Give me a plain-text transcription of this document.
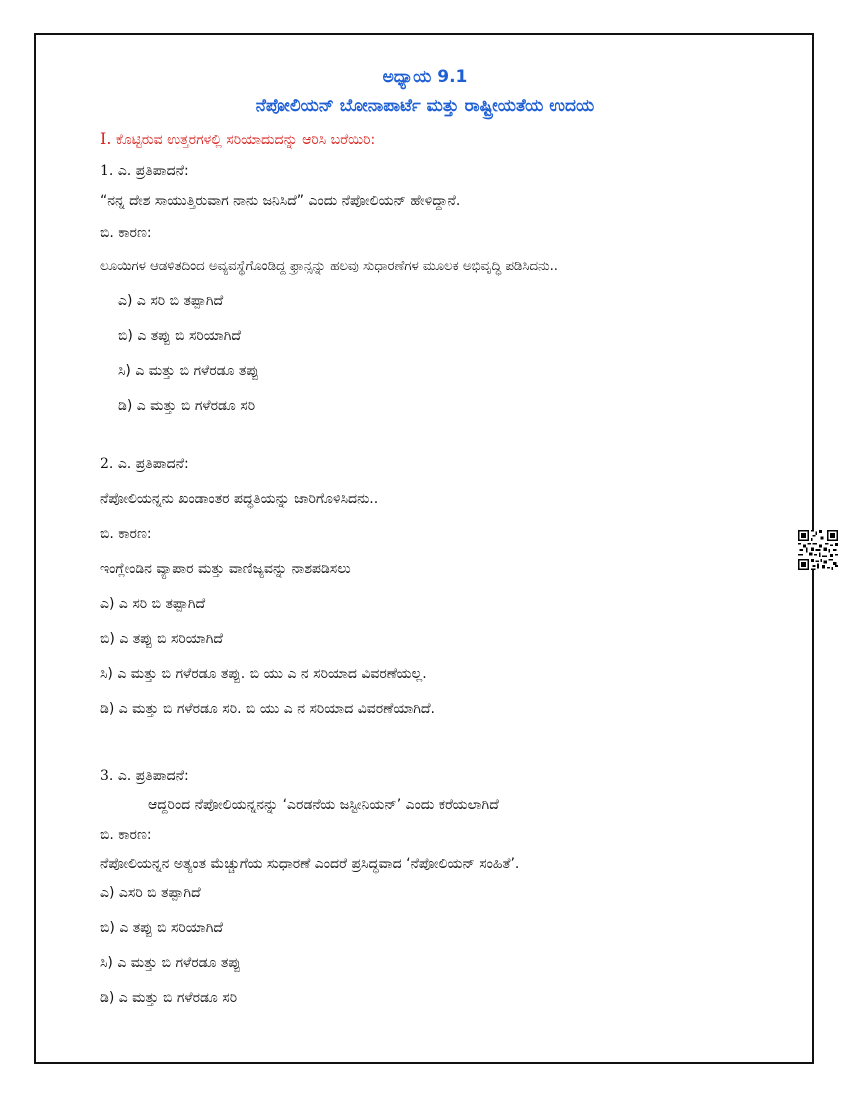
ಅಧ್ಯಾಯ 9.1
ನೆಪೋಲಿಯನ್ ಬೋನಾಪಾರ್ಟೆ ಮತ್ತು ರಾಷ್ಟ್ರೀಯತೆಯ ಉದಯ
I. ಕೊಟ್ಟಿರುವ ಉತ್ತರಗಳಲ್ಲಿ ಸರಿಯಾದುದನ್ನು ಆರಿಸಿ ಬರೆಯಿರಿ:
1. ಎ. ಪ್ರತಿಪಾದನೆ:
“ನನ್ನ ದೇಶ ಸಾಯುತ್ತಿರುವಾಗ ನಾನು ಜನಿಸಿದೆ” ಎಂದು ನೆಪೋಲಿಯನ್ ಹೇಳಿದ್ದಾನೆ.
ಬಿ. ಕಾರಣ:
ಲೂಯಿಗಳ ಆಡಳಿತದಿಂದ ಅವ್ಯವಸ್ಥೆಗೊಂಡಿದ್ದ ಫ್ರಾನ್ಸನ್ನು ಹಲವು ಸುಧಾರಣೆಗಳ ಮೂಲಕ ಅಭಿವೃದ್ಧಿ ಪಡಿಸಿದನು..
ಎ) ಎ ಸರಿ ಬಿ ತಪ್ಪಾಗಿದೆ
ಬಿ) ಎ ತಪ್ಪು ಬಿ ಸರಿಯಾಗಿದೆ
ಸಿ) ಎ ಮತ್ತು ಬಿ ಗಳೆರಡೂ ತಪ್ಪು
ಡಿ) ಎ ಮತ್ತು ಬಿ ಗಳೆರಡೂ ಸರಿ
2. ಎ. ಪ್ರತಿಪಾದನೆ:
ನೆಪೋಲಿಯನ್ನನು ಖಂಡಾಂತರ ಪದ್ಧತಿಯನ್ನು ಜಾರಿಗೊಳಿಸಿದನು..
ಬಿ. ಕಾರಣ:
ಇಂಗ್ಲೇಂಡಿನ ವ್ಯಾಪಾರ ಮತ್ತು ವಾಣಿಜ್ಯವನ್ನು ನಾಶಪಡಿಸಲು
ಎ) ಎ ಸರಿ ಬಿ ತಪ್ಪಾಗಿದೆ
ಬಿ) ಎ ತಪ್ಪು ಬಿ ಸರಿಯಾಗಿದೆ
ಸಿ) ಎ ಮತ್ತು ಬಿ ಗಳೆರಡೂ ತಪ್ಪು. ಬಿ ಯು ಎ ನ ಸರಿಯಾದ ವಿವರಣೆಯಲ್ಲ.
ಡಿ) ಎ ಮತ್ತು ಬಿ ಗಳೆರಡೂ ಸರಿ. ಬಿ ಯು ಎ ನ ಸರಿಯಾದ ವಿವರಣೆಯಾಗಿದೆ.
3. ಎ. ಪ್ರತಿಪಾದನೆ:
ಆದ್ದರಿಂದ ನೆಪೋಲಿಯನ್ನನನ್ನು ‘ಎರಡನೆಯ ಜಸ್ಟೀನಿಯನ್’ ಎಂದು ಕರೆಯಲಾಗಿದೆ
ಬಿ. ಕಾರಣ:
ನೆಪೋಲಿಯನ್ನನ ಅತ್ಯಂತ ಮೆಚ್ಚುಗೆಯ ಸುಧಾರಣೆ ಎಂದರೆ ಪ್ರಸಿದ್ಧವಾದ ‘ನೆಪೋಲಿಯನ್ ಸಂಹಿತೆ’.
ಎ) ಎಸರಿ ಬಿ ತಪ್ಪಾಗಿದೆ
ಬಿ) ಎ ತಪ್ಪು ಬಿ ಸರಿಯಾಗಿದೆ
ಸಿ) ಎ ಮತ್ತು ಬಿ ಗಳೆರಡೂ ತಪ್ಪು
ಡಿ) ಎ ಮತ್ತು ಬಿ ಗಳೆರಡೂ ಸರಿ
